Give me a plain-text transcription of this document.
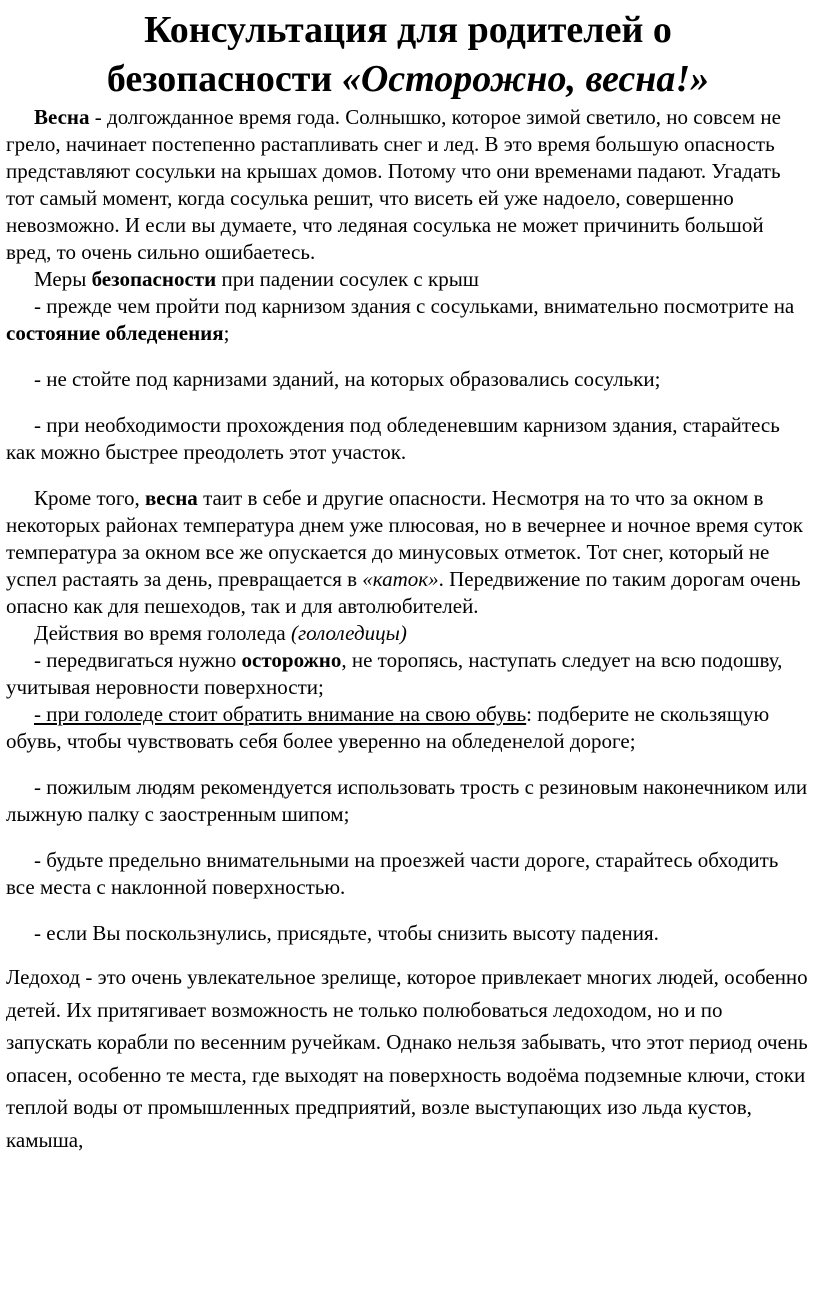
Консультация для родителей о
безопасности «Осторожно, весна!»

Весна - долгожданное время года. Солнышко, которое зимой светило, но совсем не грело, начинает постепенно растапливать снег и лед. В это время большую опасность представляют сосульки на крышах домов. Потому что они временами падают. Угадать тот самый момент, когда сосулька решит, что висеть ей уже надоело, совершенно невозможно. И если вы думаете, что ледяная сосулька не может причинить большой вред, то очень сильно ошибаетесь.

Меры безопасности при падении сосулек с крыш

- прежде чем пройти под карнизом здания с сосульками, внимательно посмотрите на состояние обледенения;

- не стойте под карнизами зданий, на которых образовались сосульки;

- при необходимости прохождения под обледеневшим карнизом здания, старайтесь как можно быстрее преодолеть этот участок.

Кроме того, весна таит в себе и другие опасности. Несмотря на то что за окном в некоторых районах температура днем уже плюсовая, но в вечернее и ночное время суток температура за окном все же опускается до минусовых отметок. Тот снег, который не успел растаять за день, превращается в «каток». Передвижение по таким дорогам очень опасно как для пешеходов, так и для автолюбителей.

Действия во время гололеда (гололедицы)

- передвигаться нужно осторожно, не торопясь, наступать следует на всю подошву, учитывая неровности поверхности;

- при гололеде стоит обратить внимание на свою обувь: подберите не скользящую обувь, чтобы чувствовать себя более уверенно на обледенелой дороге;

- пожилым людям рекомендуется использовать трость с резиновым наконечником или лыжную палку с заостренным шипом;

- будьте предельно внимательными на проезжей части дороге, старайтесь обходить все места с наклонной поверхностью.

- если Вы поскользнулись, присядьте, чтобы снизить высоту падения.

Ледоход - это очень увлекательное зрелище, которое привлекает многих людей, особенно детей. Их притягивает возможность не только полюбоваться ледоходом, но и по запускать корабли по весенним ручейкам. Однако нельзя забывать, что этот период очень опасен, особенно те места, где выходят на поверхность водоёма подземные ключи, стоки теплой воды от промышленных предприятий, возле выступающих изо льда кустов, камыша,
